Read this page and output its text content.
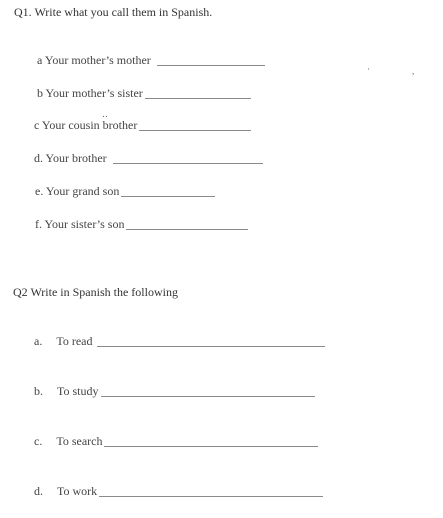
Q1. Write what you call them in Spanish.
a Your mother’s mother
·	,
b Your mother’s sister
c Your cousin brother
‥
d. Your brother
e. Your grand son
f. Your sister’s son
Q2 Write in Spanish the following
a. To read
b. To study
c. To search
d. To work
